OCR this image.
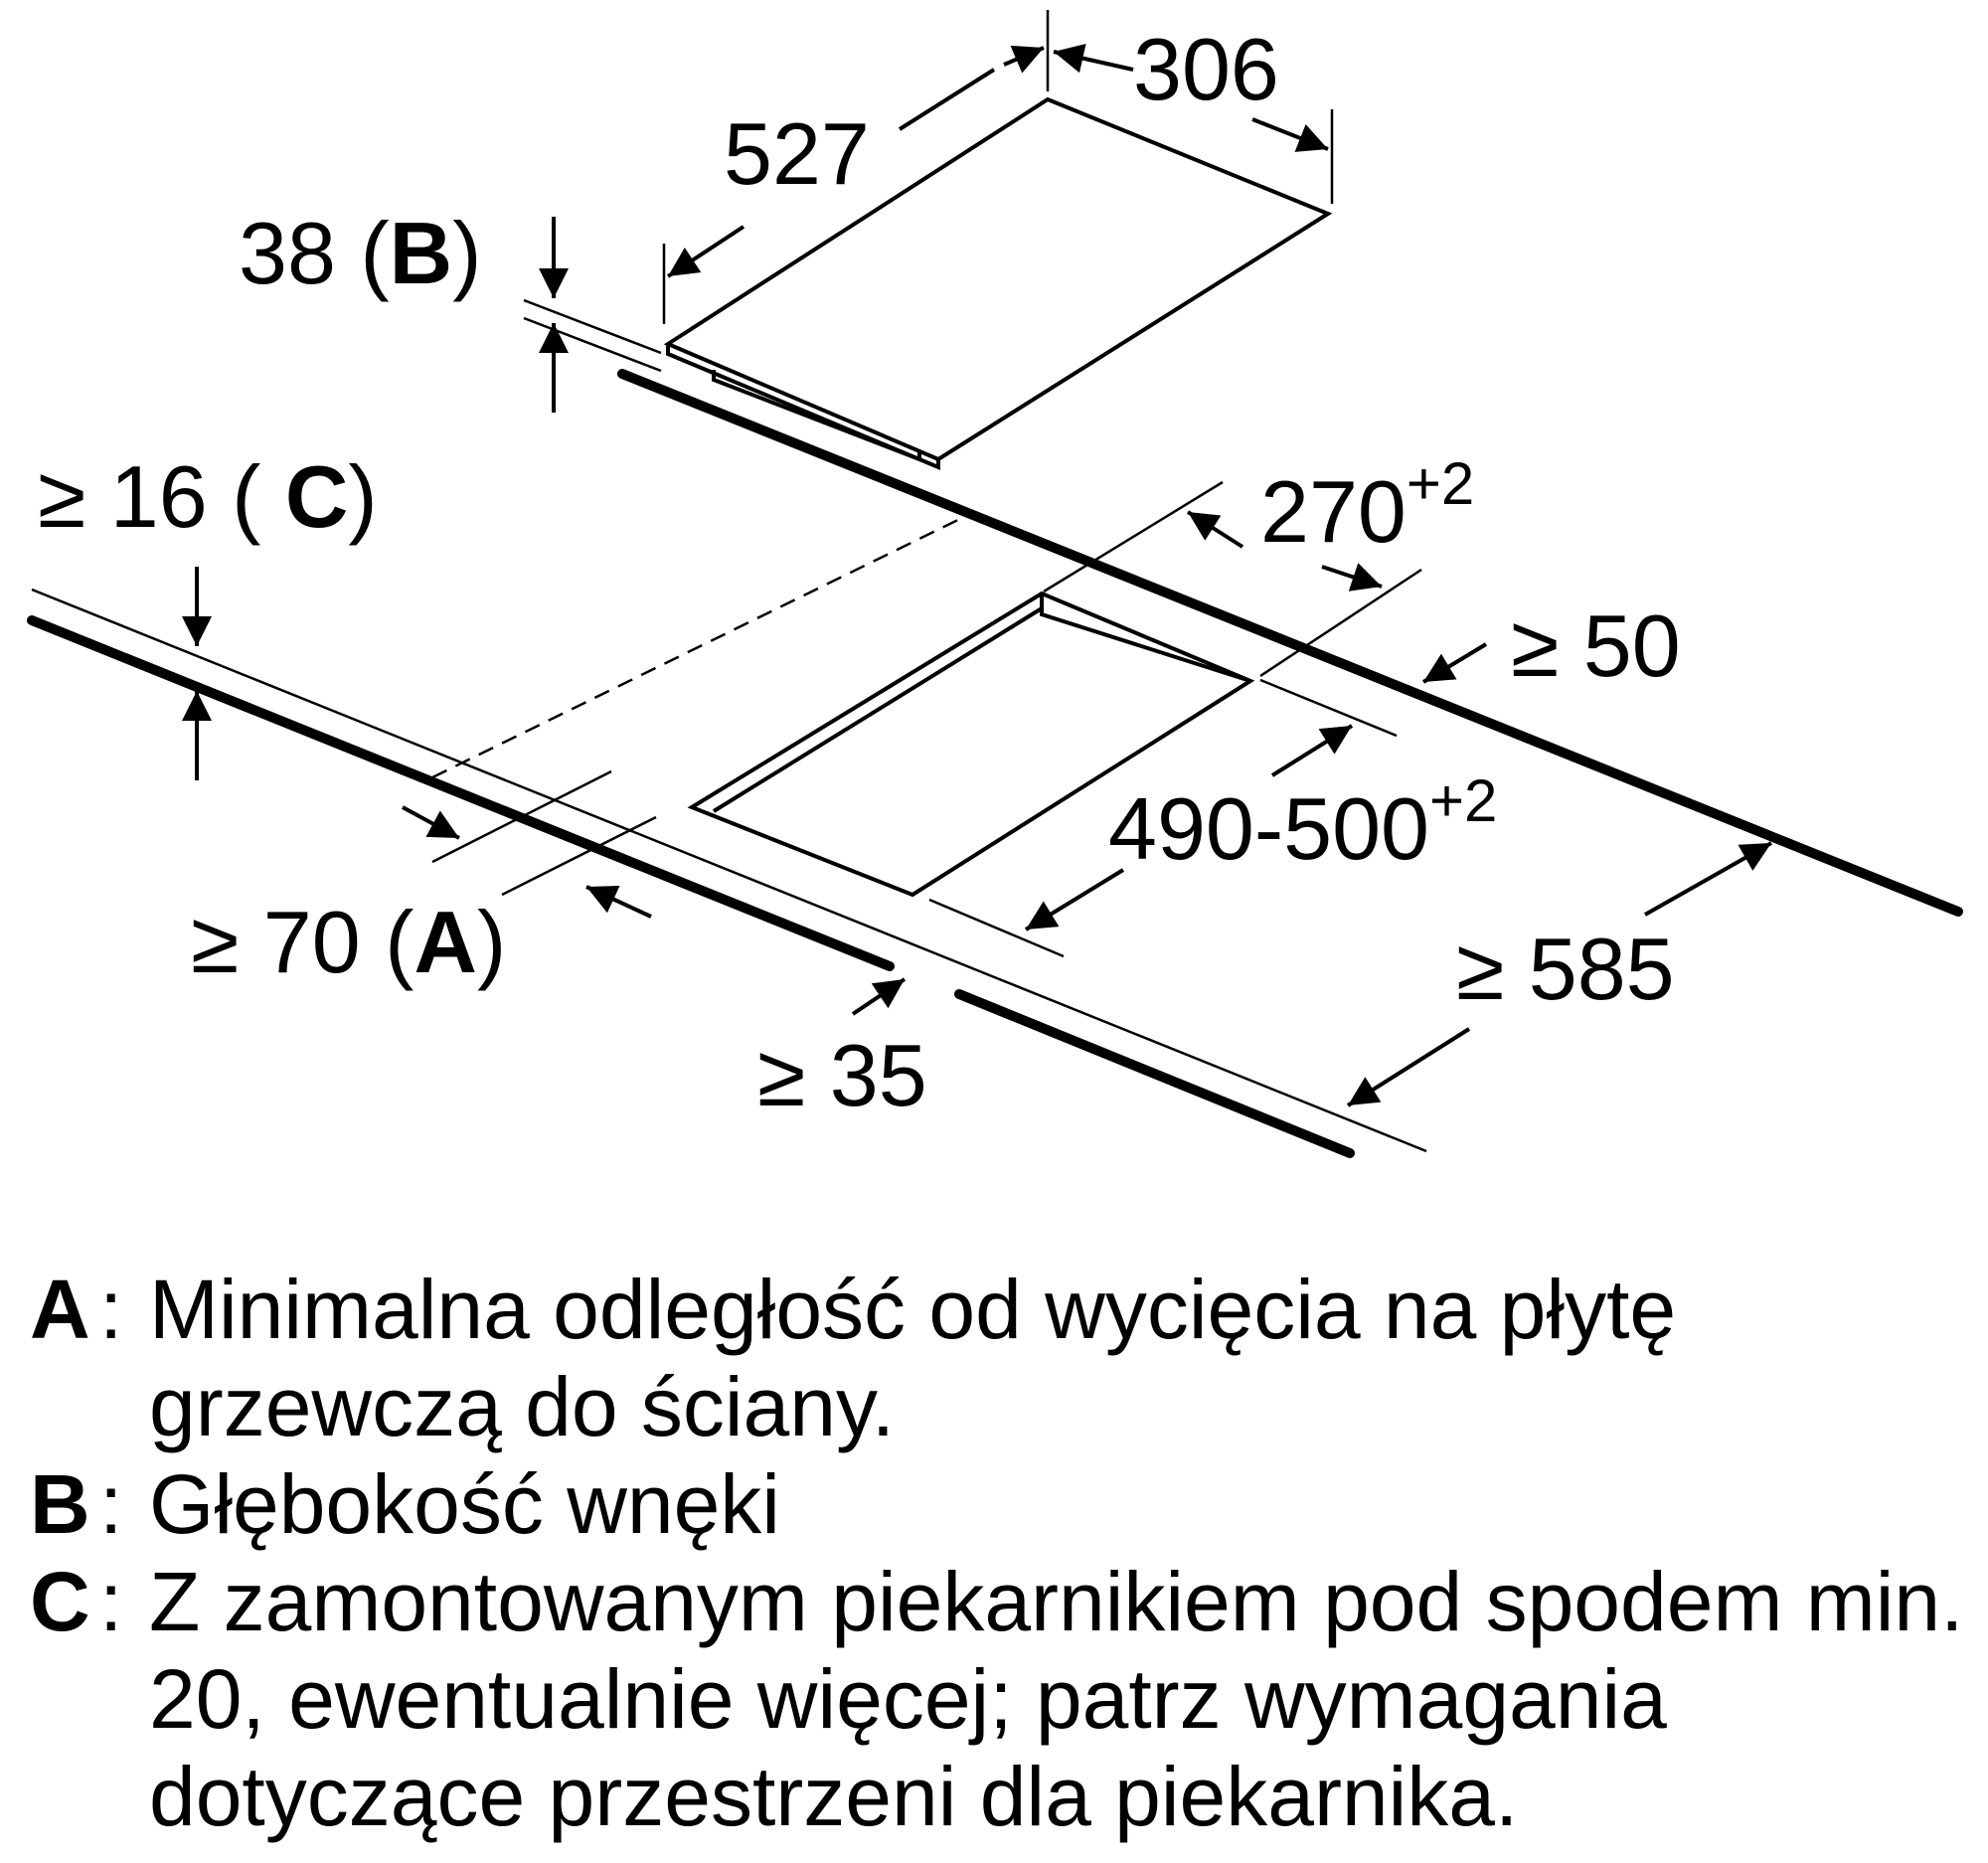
306
527
38 (B)
≥ 16 ( C)	$270^{+2}$
≥ 50
$490-500^{+2}$
≥ 70 (A)
≥ 35
≥ 585
A : Minimalna odległość od wycięcia na płytę grzewczą do ściany.
B : Głębokość wnęki
C : Z zamontowanym piekarnikiem pod spodem min. 20, ewentualnie więcej; patrz wymagania dotyczące przestrzeni dla piekarnika.
